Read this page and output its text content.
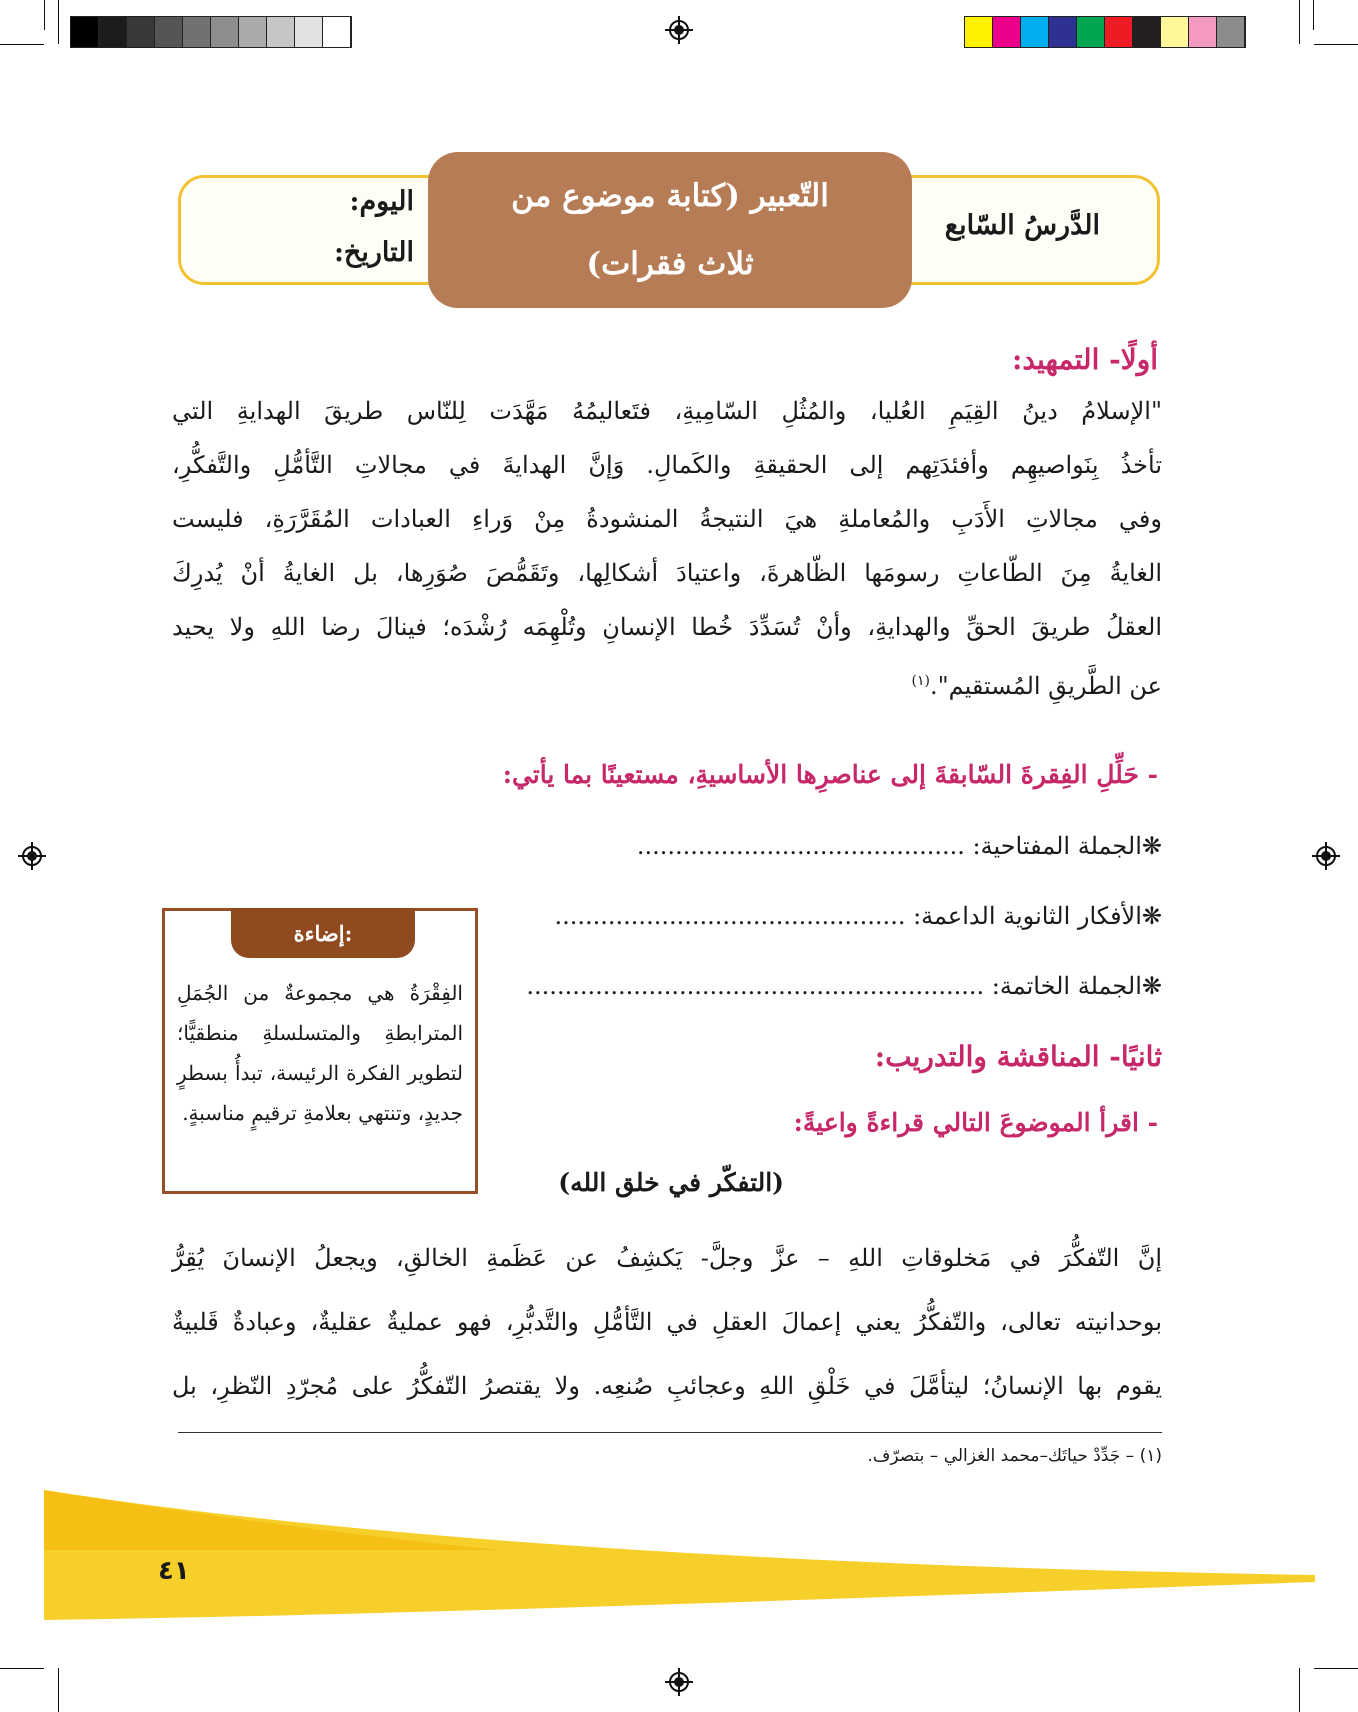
الدَّرسُ السّابع
اليوم:
التاريخ:
التّعبير (كتابة موضوع من
ثلاث فقرات)
أولًا- التمهيد:
"الإسلامُ دينُ القِيَمِ العُليا، والمُثُلِ السّامِيةِ، فتَعاليمُهُ مَهَّدَت لِلنّاس طريقَ الهدايةِ التي
تأخذُ بِنَواصيهِم وأفئدَتِهم إلى الحقيقةِ والكَمالِ. وَإنَّ الهدايةَ في مجالاتِ التَّأمُّلِ والتَّفكُّرِ،
وفي مجالاتِ الأَدَبِ والمُعاملةِ هيَ النتيجةُ المنشودةُ مِنْ وَراءِ العبادات المُقَرَّرَةِ، فليست
الغايةُ مِنَ الطّاعاتِ رسومَها الظّاهرةَ، واعتيادَ أشكالِها، وتَقَمُّصَ صُوَرِها، بل الغايةُ أنْ يُدرِكَ
العقلُ طريقَ الحقِّ والهدايةِ، وأنْ تُسَدِّدَ خُطا الإنسانِ وتُلْهِمَه رُشْدَه؛ فينالَ رضا اللهِ ولا يحيد
عن الطَّريقِ المُستقيم".$^{(١)}$
- حَلِّلِ الفِقرةَ السّابقةَ إلى عناصرِها الأساسيةِ، مستعينًا بما يأتي:
❋الجملة المفتاحية: ...........................................
❋الأفكار الثانوية الداعمة: ..............................................
❋الجملة الخاتمة: ............................................................
إضاءة:
الفِقْرَةُ هي مجموعةٌ من الجُمَلِ المترابطةِ والمتسلسلةِ منطقيًّا؛ لتطوير الفكرة الرئيسة، تبدأُ بسطرٍ جديدٍ، وتنتهي بعلامةِ ترقيمٍ مناسبةٍ.
ثانيًا- المناقشة والتدريب:
- اقرأ الموضوعَ التالي قراءةً واعيةً:
(التفكّر في خلق الله)
إنَّ التّفكُّرَ في مَخلوقاتِ اللهِ – عزَّ وجلَّ- يَكشِفُ عن عَظَمةِ الخالقِ، ويجعلُ الإنسانَ يُقِرُّ
بوحدانيته تعالى، والتّفكُّرُ يعني إعمالَ العقلِ في التَّأمُّلِ والتَّدبُّرِ، فهو عمليةٌ عقليةٌ، وعبادةٌ قَلبيةٌ
يقوم بها الإنسانُ؛ ليتأمَّلَ في خَلْقِ اللهِ وعجائبِ صُنعِه. ولا يقتصرُ التّفكُّرُ على مُجرّدِ النّظرِ، بل
(١) – جَدِّدْ حياتَك–محمد الغزالي – بتصرّف.
٤١
